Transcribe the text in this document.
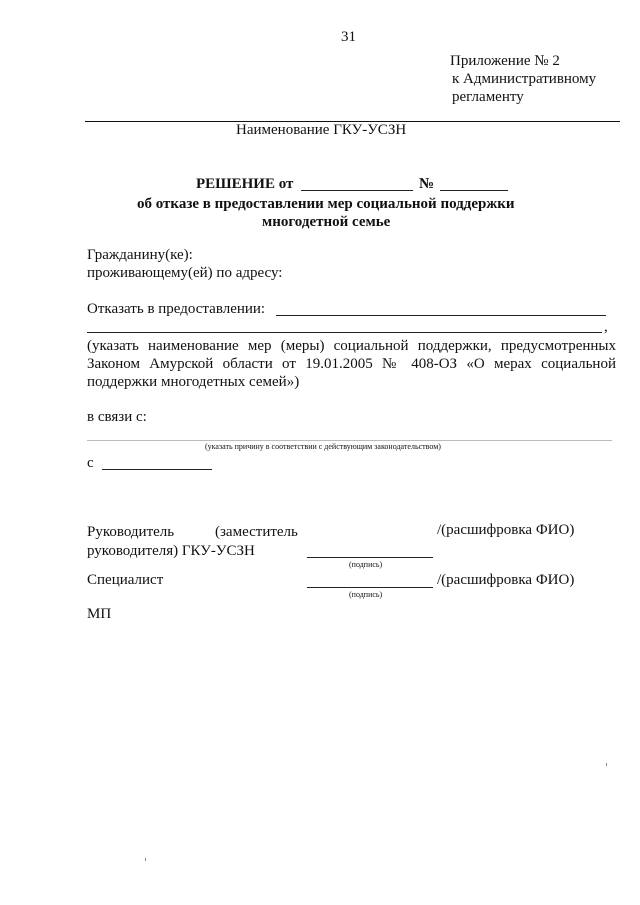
31
Приложение № 2
к Административному
регламенту
Наименование ГКУ-УСЗН
РЕШЕНИЕ от	№
об отказе в предоставлении мер социальной поддержки
многодетной семье
Гражданину(ке):
проживающему(ей) по адресу:
Отказать в предоставлении:
,
(указать наименование мер (меры) социальной поддержки, предусмотренных
Законом Амурской области от 19.01.2005 № 408-ОЗ «О мерах социальной
поддержки многодетных семей»)
в связи с:
(указать причину в соответствии с действующим законодательством)
с
Руководитель	(заместитель	/(расшифровка ФИО)
руководителя) ГКУ-УСЗН
(подпись)
Специалист	/(расшифровка ФИО)
(подпись)
МП
